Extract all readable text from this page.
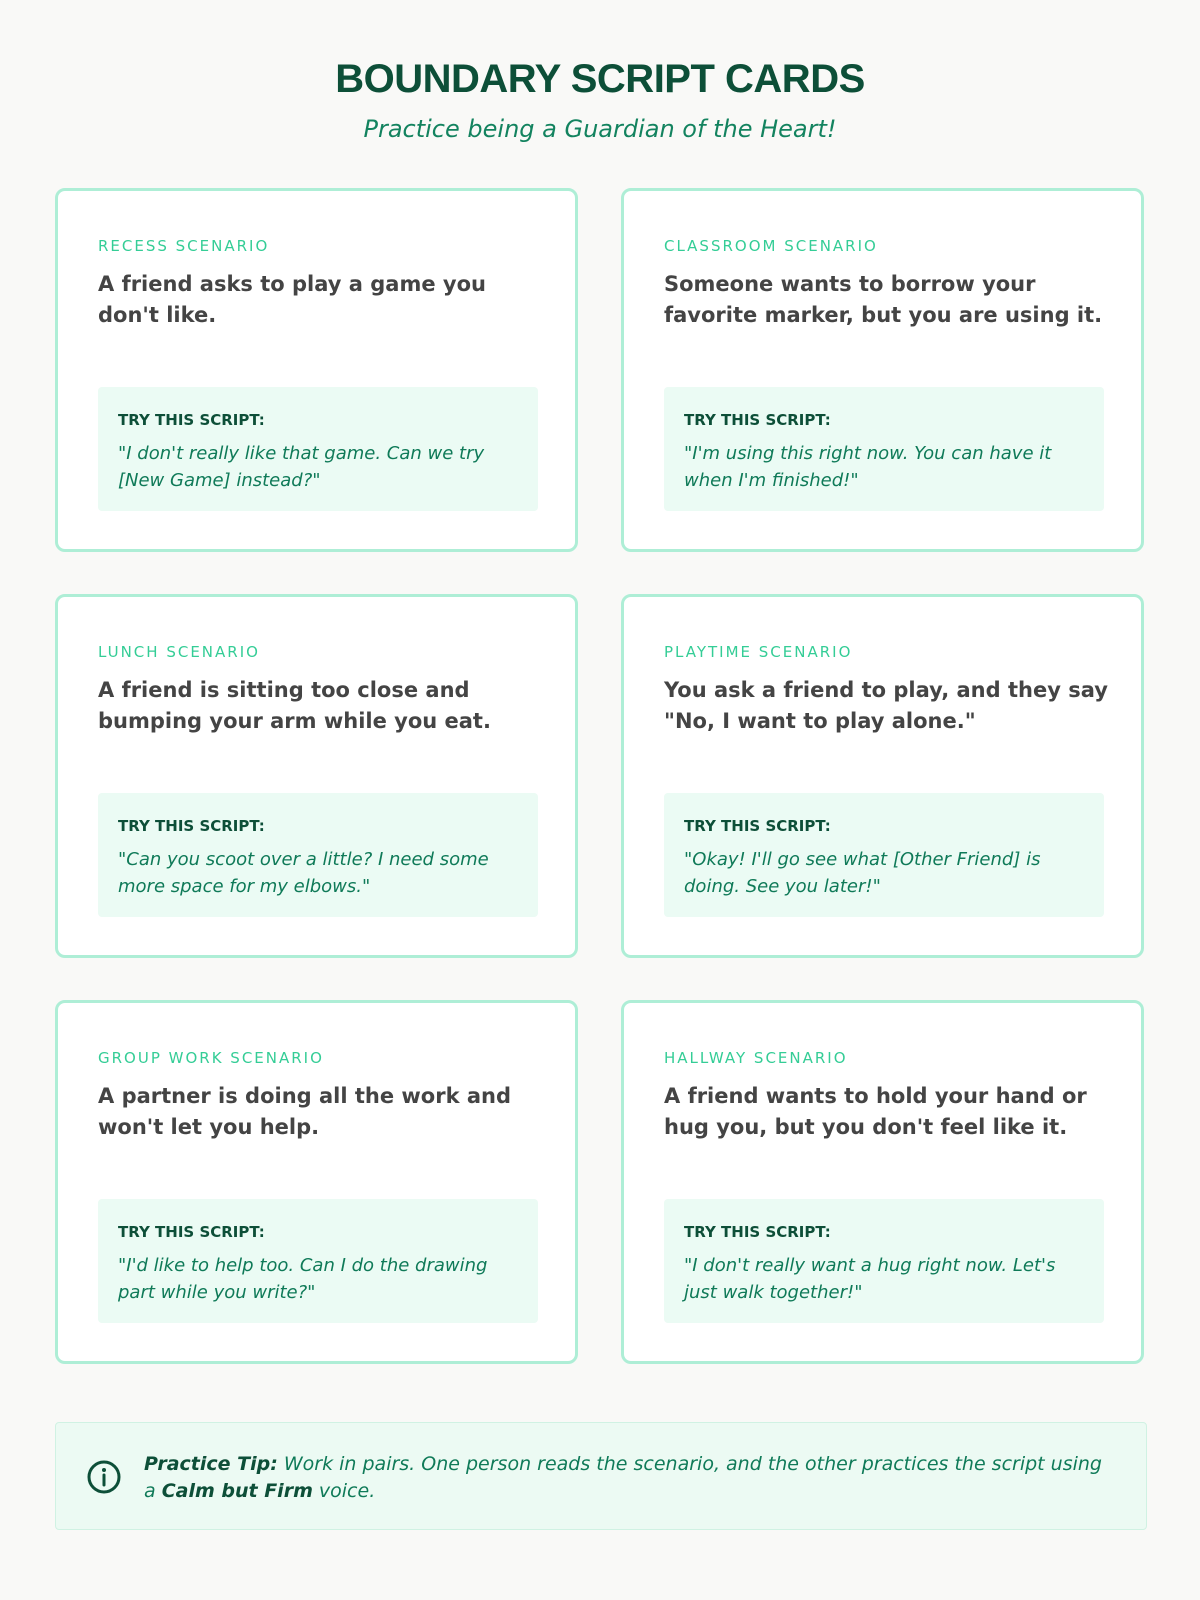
BOUNDARY SCRIPT CARDS
Practice being a Guardian of the Heart!
RECESS SCENARIO
A friend asks to play a game you don't like.
TRY THIS SCRIPT:
"I don't really like that game. Can we try [New Game] instead?"
CLASSROOM SCENARIO
Someone wants to borrow your favorite marker, but you are using it.
TRY THIS SCRIPT:
"I'm using this right now. You can have it when I'm finished!"
LUNCH SCENARIO
A friend is sitting too close and bumping your arm while you eat.
TRY THIS SCRIPT:
"Can you scoot over a little? I need some more space for my elbows."
PLAYTIME SCENARIO
You ask a friend to play, and they say "No, I want to play alone."
TRY THIS SCRIPT:
"Okay! I'll go see what [Other Friend] is doing. See you later!"
GROUP WORK SCENARIO
A partner is doing all the work and won't let you help.
TRY THIS SCRIPT:
"I'd like to help too. Can I do the drawing part while you write?"
HALLWAY SCENARIO
A friend wants to hold your hand or hug you, but you don't feel like it.
TRY THIS SCRIPT:
"I don't really want a hug right now. Let's just walk together!"
Practice Tip: Work in pairs. One person reads the scenario, and the other practices the script using a Calm but Firm voice.
